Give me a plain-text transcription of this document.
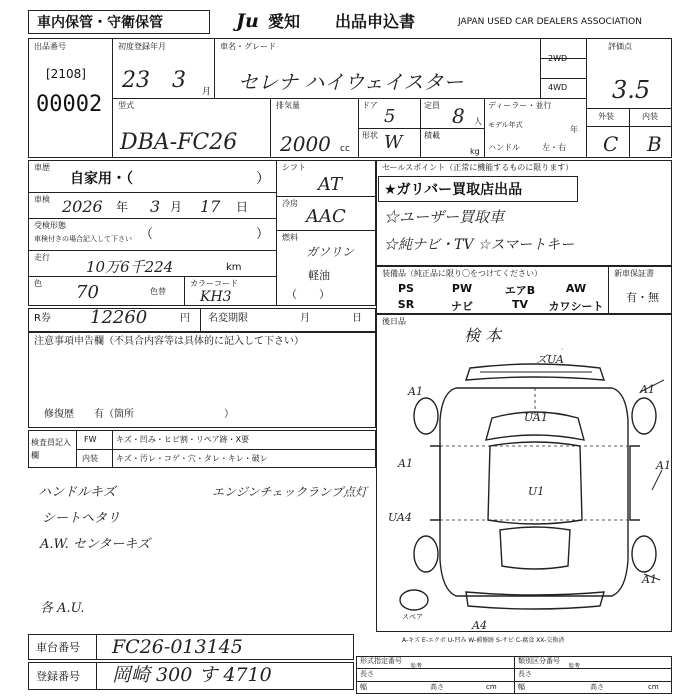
車内保管・守衛保管	Ju 愛知 出品申込書	JAPAN USED CAR DEALERS ASSOCIATION
出品番号
[2108]
00002
初度登録年月
23 3 月
車名・グレード
セレナ ハイウェイスター
2WD
4WD
評価点
3.5
外装	内装
C B
型式
DBA-FC26
排気量
2000 cc
ドア
5
形状 W
定員 8 人
積載
kg
ディーラー・並行
モデル年式	年
ハンドル	左・右
車歴
自家用・（	）
車検 2026 年 3 月 17 日
受検形態
車検付きの場合記入して下さい （	）
走行
10万6千224	km
色 70	色替
カラーコード
KH3
シフト
AT
冷房
AAC
燃料
ガソリン
軽油
（　　）
セールスポイント（正常に機能するものに限ります）
★ガリバー買取店出品
☆ユーザー買取車
☆純ナビ・TV ☆スマートキー
装備品（純正品に限り〇をつけてください）	新車保証書
有・無
PS	PW	エアB	AW
SR	ナビ	TV	カワシート
R券 12260	円 名変期限	月	日
注意事項申告欄（不具合内容等は具体的に記入して下さい）
修復歴　　有（箇所　　　　　　　　　）
後日品
検 本
ズUA
A1	A1
UA1
A1	A1
U1
UA4
A1
A4
スペア
A-キズ E-エクボ U-凹み W-補修跡 S-サビ C-腐食 XX-交換済
検査員記入欄
FW キズ・凹み・ヒビ割・リペア跡・X要
内装 キズ・汚レ・コゲ・穴・タレ・キレ・破レ
ハンドルキズ
シートヘタリ
A.W. センターキズ
エンジンチェックランプ点灯
各 A.U.
車台番号 FC26-013145
登録番号 岡崎 300 す 4710
形式指定番号
参考
長さ
幅	高さ	cm
類別区分番号
参考
長さ
幅	高さ	cm
